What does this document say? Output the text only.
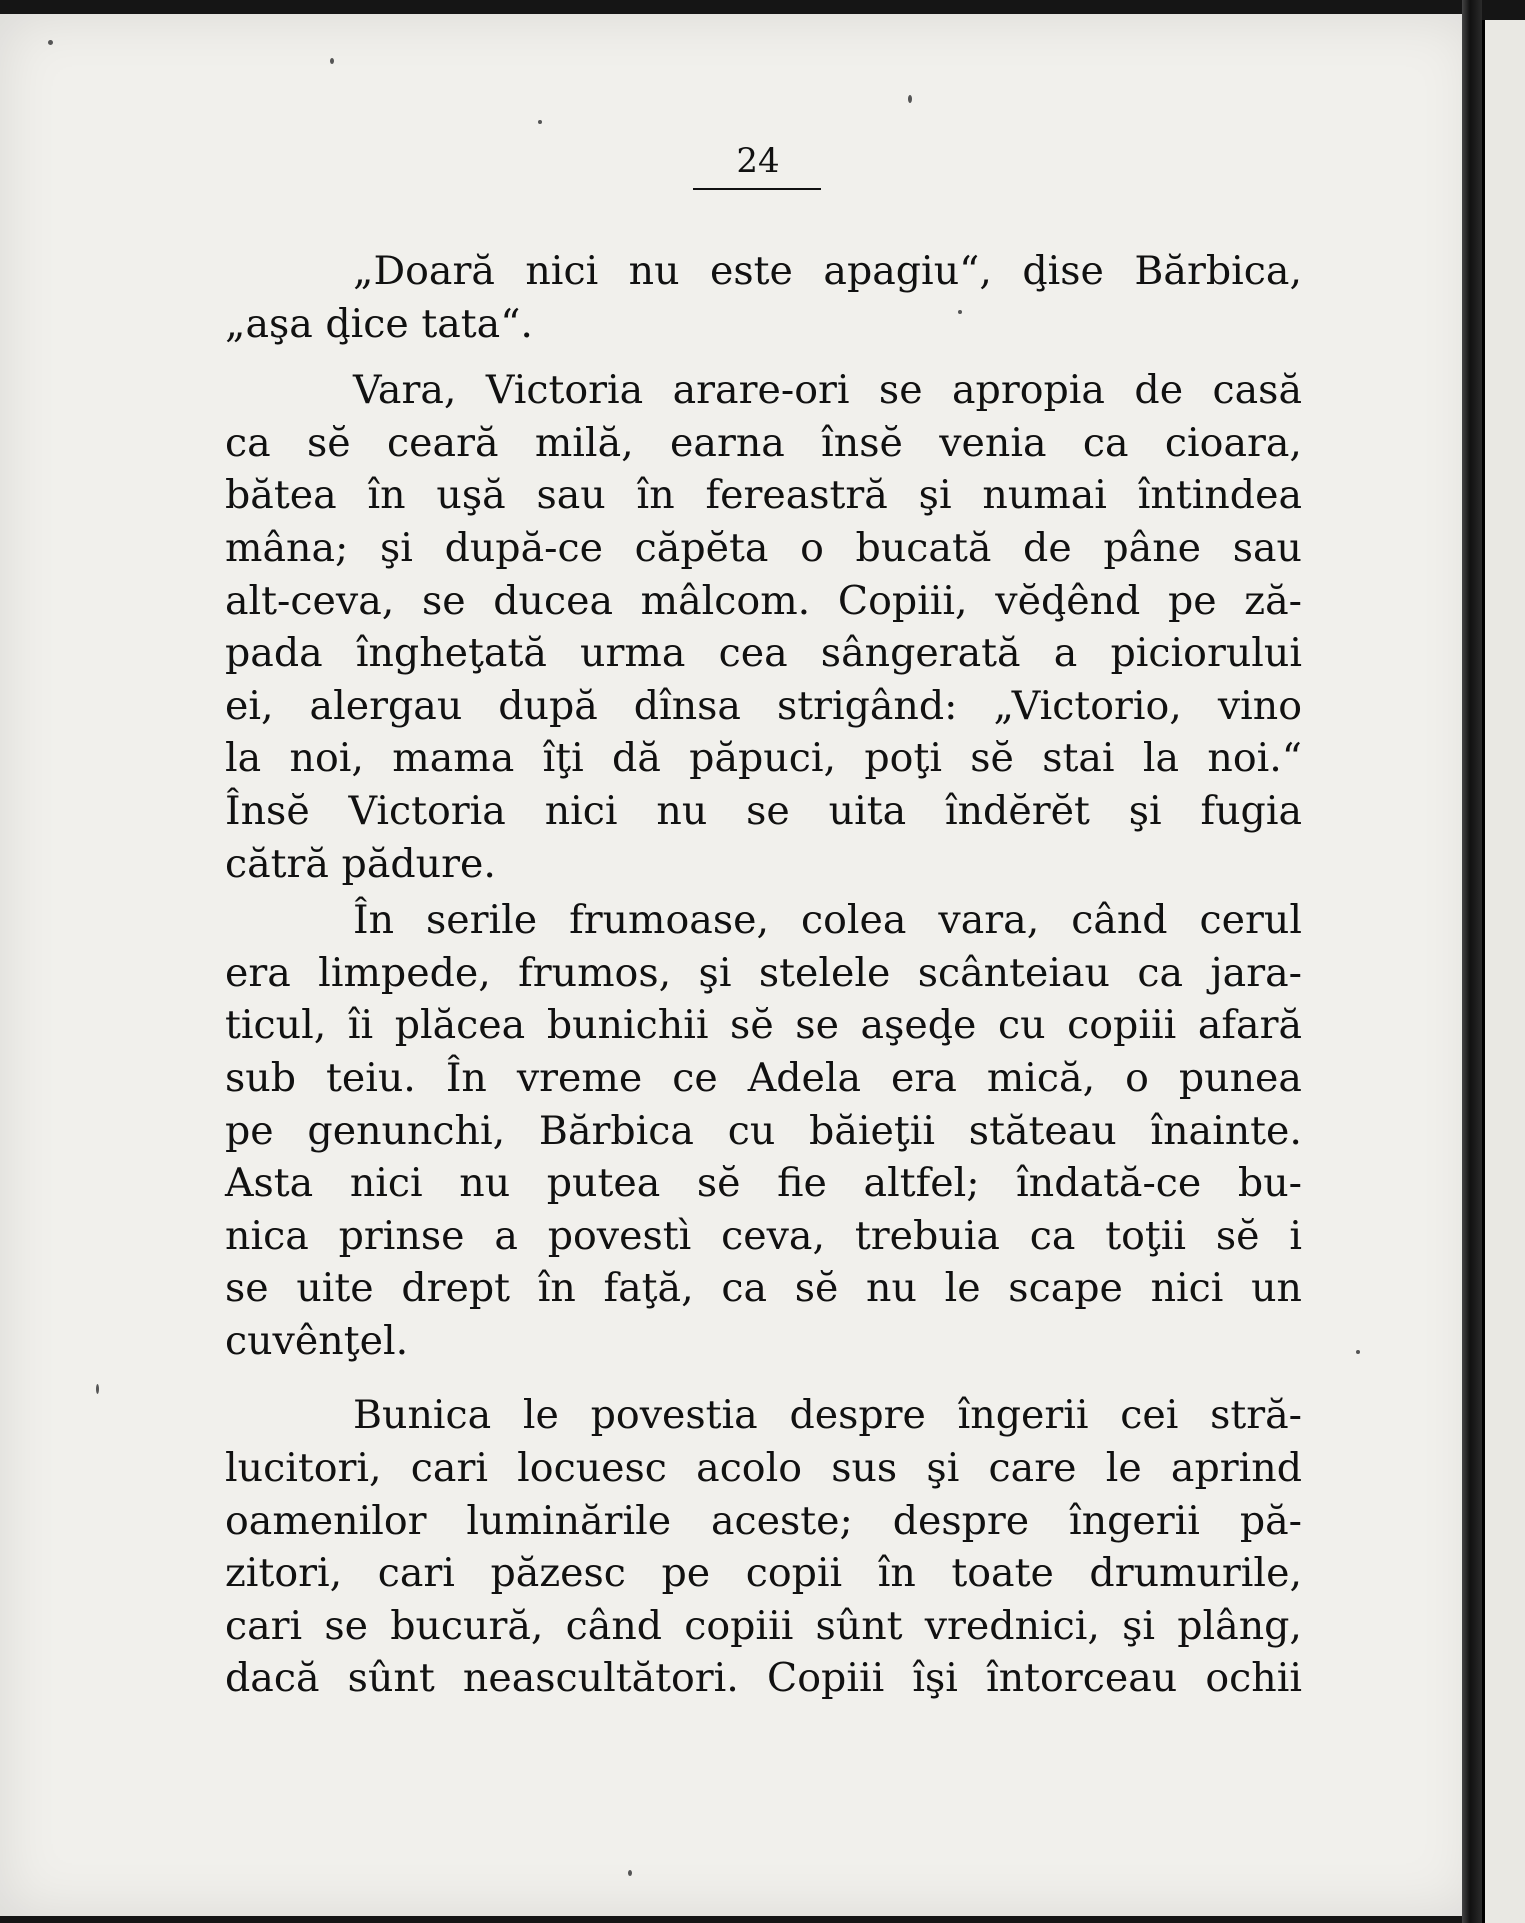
24

„Doară nici nu este apagiu“, ḑise Bărbica,
„aşa ḑice tata“.

Vara, Victoria arare-ori se apropia de casă
ca sĕ ceară milă, earna însĕ venia ca cioara,
bătea în uşă sau în fereastră şi numai întindea
mâna; şi după-ce căpĕta o bucată de pâne sau
alt-ceva, se ducea mâlcom. Copiii, vĕḑênd pe ză-
pada îngheţată urma cea sângerată a piciorului
ei, alergau după dînsa strigând: „Victorio, vino
la noi, mama îţi dă păpuci, poţi sĕ stai la noi.“
Însĕ Victoria nici nu se uita îndĕrĕt şi fugia
cătră pădure.

În serile frumoase, colea vara, când cerul
era limpede, frumos, şi stelele scânteiau ca jara-
ticul, îi plăcea bunichii sĕ se aşeḑe cu copiii afară
sub teiu. În vreme ce Adela era mică, o punea
pe genunchi, Bărbica cu băieţii stăteau înainte.
Asta nici nu putea sĕ fie altfel; îndată-ce bu-
nica prinse a povestì ceva, trebuia ca toţii sĕ i
se uite drept în faţă, ca sĕ nu le scape nici un
cuvênţel.

Bunica le povestia despre îngerii cei stră-
lucitori, cari locuesc acolo sus şi care le aprind
oamenilor luminările aceste; despre îngerii pă-
zitori, cari păzesc pe copii în toate drumurile,
cari se bucură, când copiii sûnt vrednici, şi plâng,
dacă sûnt neascultători. Copiii îşi întorceau ochii
